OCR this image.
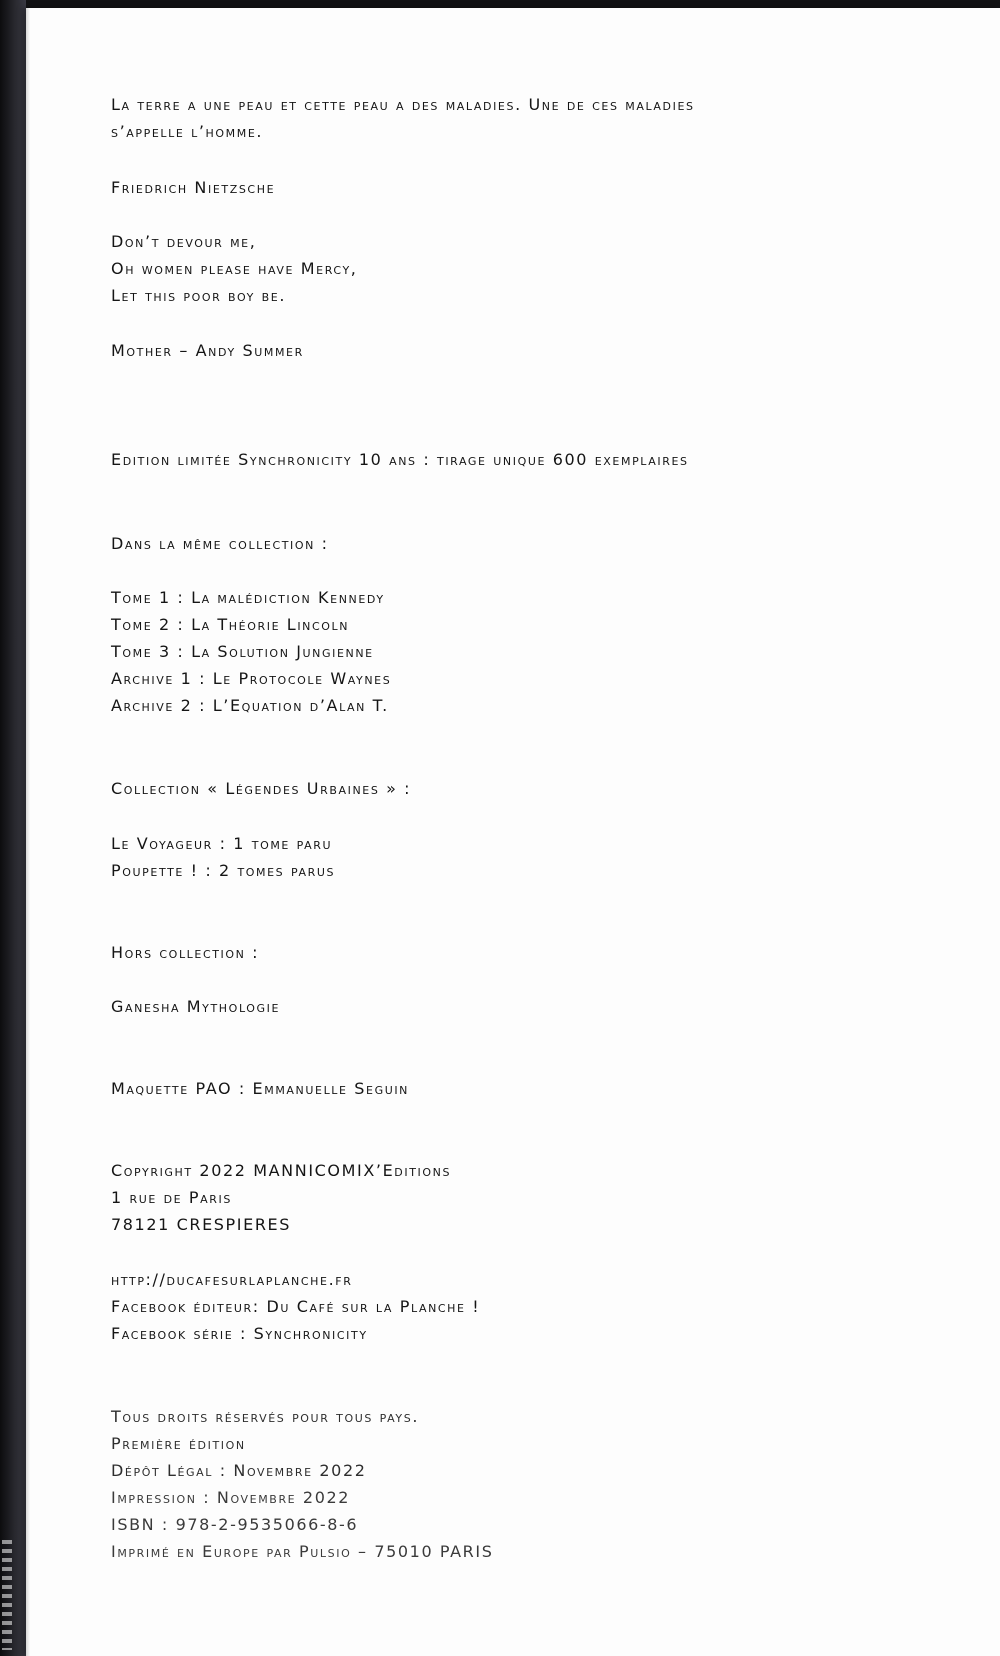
La terre a une peau et cette peau a des maladies. Une de ces maladies

s’appelle l’homme.

Friedrich Nietzsche

Don’t devour me,

Oh women please have Mercy,

Let this poor boy be.

Mother – Andy Summer

Edition limitée Synchronicity 10 ans : tirage unique 600 exemplaires

Dans la même collection :

Tome 1 : La malédiction Kennedy

Tome 2 : La Théorie Lincoln

Tome 3 : La Solution Jungienne

Archive 1 : Le Protocole Waynes

Archive 2 : L’Equation d’Alan T.

Collection « Légendes Urbaines » :

Le Voyageur : 1 tome paru

Poupette ! : 2 tomes parus

Hors collection :

Ganesha Mythologie

Maquette PAO : Emmanuelle Seguin

Copyright 2022 MANNICOMIX’Editions

1 rue de Paris

78121 CRESPIERES

http://ducafesurlaplanche.fr

Facebook éditeur: Du Café sur la Planche !

Facebook série : Synchronicity

Tous droits réservés pour tous pays.

Première édition

Dépôt Légal : Novembre 2022

Impression : Novembre 2022

ISBN : 978-2-9535066-8-6

Imprimé en Europe par Pulsio – 75010 PARIS
